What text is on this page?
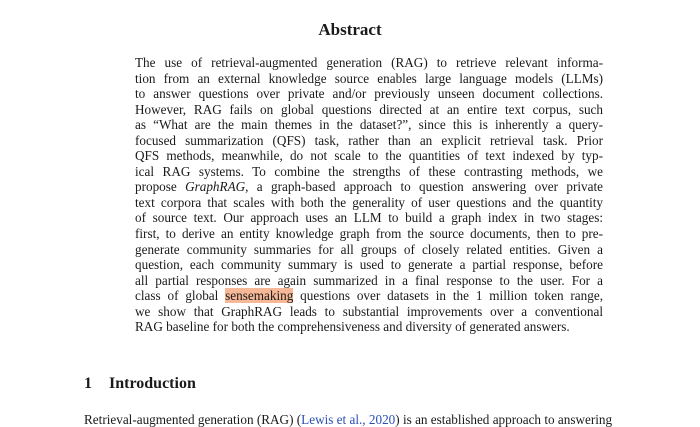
Abstract
The use of retrieval-augmented generation (RAG) to retrieve relevant informa-
tion from an external knowledge source enables large language models (LLMs)
to answer questions over private and/or previously unseen document collections.
However, RAG fails on global questions directed at an entire text corpus, such
as “What are the main themes in the dataset?”, since this is inherently a query-
focused summarization (QFS) task, rather than an explicit retrieval task. Prior
QFS methods, meanwhile, do not scale to the quantities of text indexed by typ-
ical RAG systems. To combine the strengths of these contrasting methods, we
propose GraphRAG, a graph-based approach to question answering over private
text corpora that scales with both the generality of user questions and the quantity
of source text. Our approach uses an LLM to build a graph index in two stages:
first, to derive an entity knowledge graph from the source documents, then to pre-
generate community summaries for all groups of closely related entities. Given a
question, each community summary is used to generate a partial response, before
all partial responses are again summarized in a final response to the user. For a
class of global sensemaking questions over datasets in the 1 million token range,
we show that GraphRAG leads to substantial improvements over a conventional
RAG baseline for both the comprehensiveness and diversity of generated answers.
1 Introduction
Retrieval-augmented generation (RAG) (Lewis et al., 2020) is an established approach to answering
